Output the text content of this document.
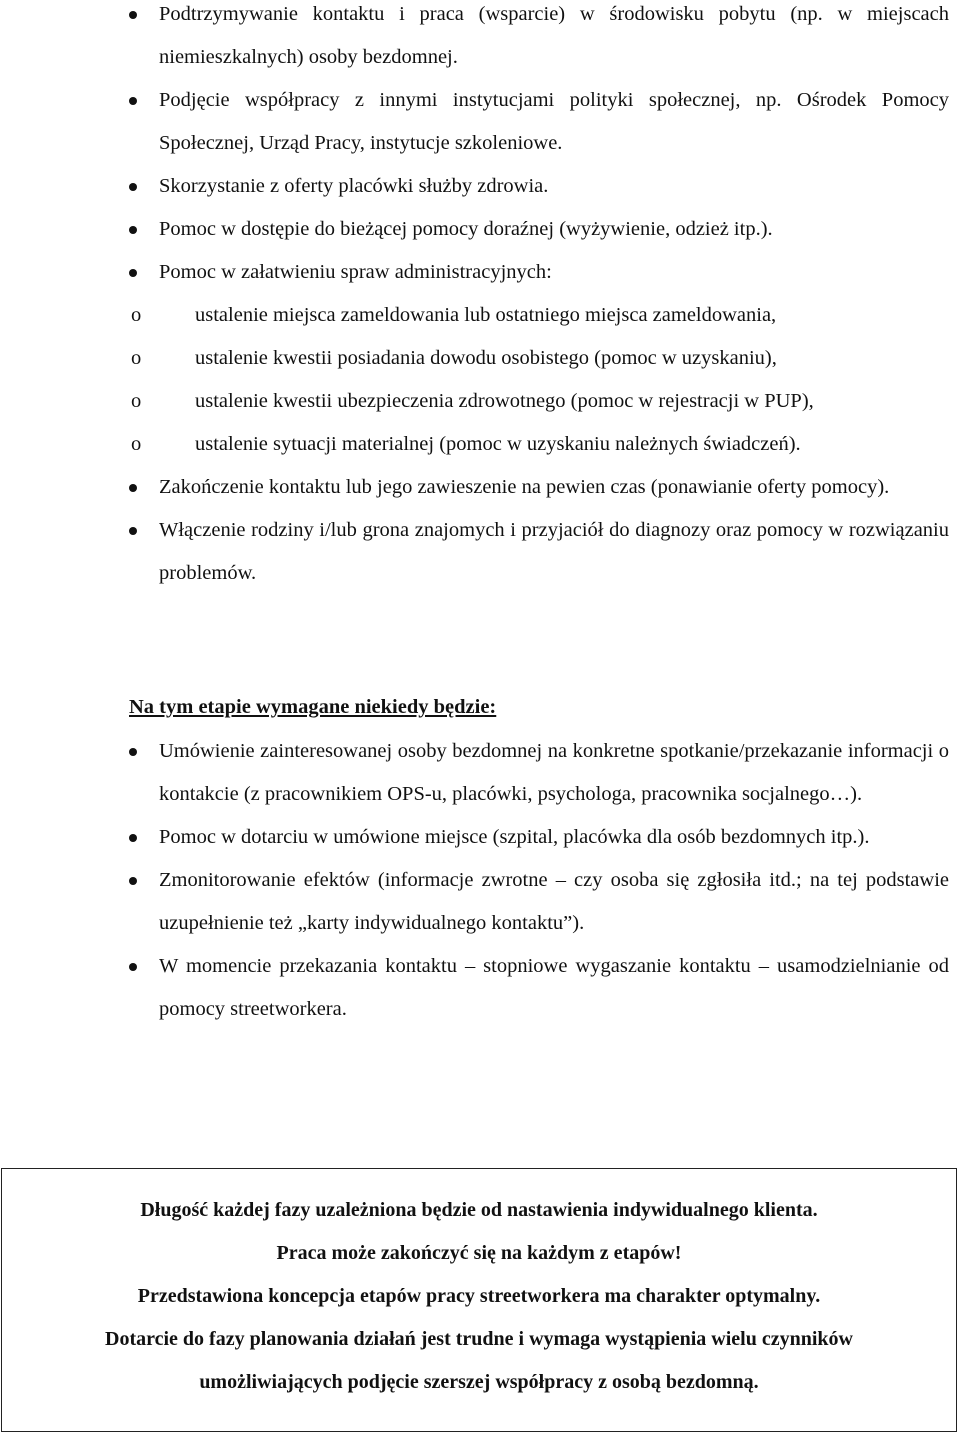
Podtrzymywanie kontaktu i praca (wsparcie) w środowisku pobytu (np. w miejscach niemieszkalnych) osoby bezdomnej.
Podjęcie współpracy z innymi instytucjami polityki społecznej, np. Ośrodek Pomocy Społecznej, Urząd Pracy, instytucje szkoleniowe.
Skorzystanie z oferty placówki służby zdrowia.
Pomoc w dostępie do bieżącej pomocy doraźnej (wyżywienie, odzież itp.).
Pomoc w załatwieniu spraw administracyjnych:
o	ustalenie miejsca zameldowania lub ostatniego miejsca zameldowania,
o	ustalenie kwestii posiadania dowodu osobistego (pomoc w uzyskaniu),
o	ustalenie kwestii ubezpieczenia zdrowotnego (pomoc w rejestracji w PUP),
o	ustalenie sytuacji materialnej (pomoc w uzyskaniu należnych świadczeń).
Zakończenie kontaktu lub jego zawieszenie na pewien czas (ponawianie oferty pomocy).
Włączenie rodziny i/lub grona znajomych i przyjaciół do diagnozy oraz pomocy w rozwiązaniu problemów.
Na tym etapie wymagane niekiedy będzie:
Umówienie zainteresowanej osoby bezdomnej na konkretne spotkanie/przekazanie informacji o kontakcie (z pracownikiem OPS-u, placówki, psychologa, pracownika socjalnego…).
Pomoc w dotarciu w umówione miejsce (szpital, placówka dla osób bezdomnych itp.).
Zmonitorowanie efektów (informacje zwrotne – czy osoba się zgłosiła itd.; na tej podstawie uzupełnienie też „karty indywidualnego kontaktu”).
W momencie przekazania kontaktu – stopniowe wygaszanie kontaktu – usamodzielnianie od pomocy streetworkera.

Długość każdej fazy uzależniona będzie od nastawienia indywidualnego klienta.

Praca może zakończyć się na każdym z etapów!

Przedstawiona koncepcja etapów pracy streetworkera ma charakter optymalny.

Dotarcie do fazy planowania działań jest trudne i wymaga wystąpienia wielu czynników

umożliwiających podjęcie szerszej współpracy z osobą bezdomną.
